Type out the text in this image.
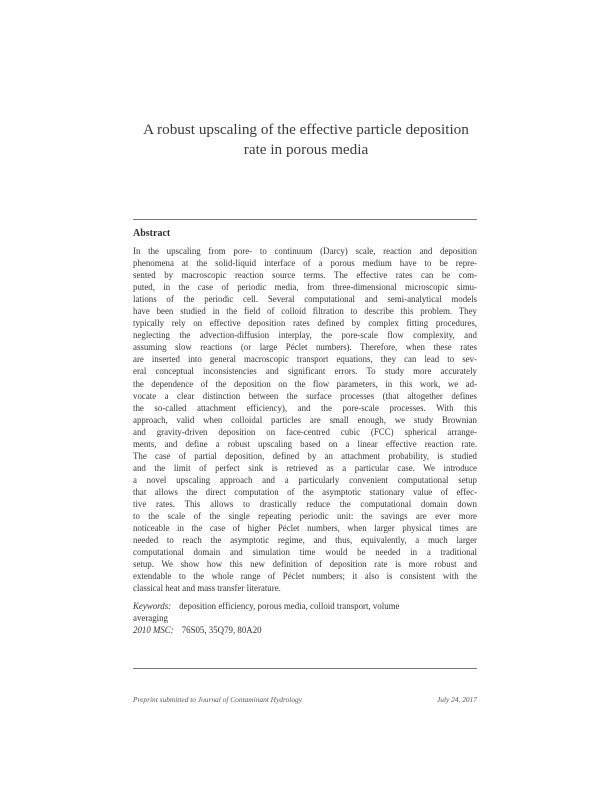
A robust upscaling of the effective particle deposition
rate in porous media
Abstract
In the upscaling from pore- to continuum (Darcy) scale, reaction and deposition
phenomena at the solid-liquid interface of a porous medium have to be repre-
sented by macroscopic reaction source terms. The effective rates can be com-
puted, in the case of periodic media, from three-dimensional microscopic simu-
lations of the periodic cell. Several computational and semi-analytical models
have been studied in the field of colloid filtration to describe this problem. They
typically rely on effective deposition rates defined by complex fitting procedures,
neglecting the advection-diffusion interplay, the pore-scale flow complexity, and
assuming slow reactions (or large Péclet numbers). Therefore, when these rates
are inserted into general macroscopic transport equations, they can lead to sev-
eral conceptual inconsistencies and significant errors. To study more accurately
the dependence of the deposition on the flow parameters, in this work, we ad-
vocate a clear distinction between the surface processes (that altogether defines
the so-called attachment efficiency), and the pore-scale processes. With this
approach, valid when colloidal particles are small enough, we study Brownian
and gravity-driven deposition on face-centred cubic (FCC) spherical arrange-
ments, and define a robust upscaling based on a linear effective reaction rate.
The case of partial deposition, defined by an attachment probability, is studied
and the limit of perfect sink is retrieved as a particular case. We introduce
a novel upscaling approach and a particularly convenient computational setup
that allows the direct computation of the asymptotic stationary value of effec-
tive rates. This allows to drastically reduce the computational domain down
to the scale of the single repeating periodic unit: the savings are ever more
noticeable in the case of higher Péclet numbers, when larger physical times are
needed to reach the asymptotic regime, and thus, equivalently, a much larger
computational domain and simulation time would be needed in a traditional
setup. We show how this new definition of deposition rate is more robust and
extendable to the whole range of Péclet numbers; it also is consistent with the
classical heat and mass transfer literature.
Keywords: deposition efficiency, porous media, colloid transport, volume
averaging
2010 MSC: 76S05, 35Q79, 80A20
Preprint submitted to Journal of Contaminant Hydrology	July 24, 2017
